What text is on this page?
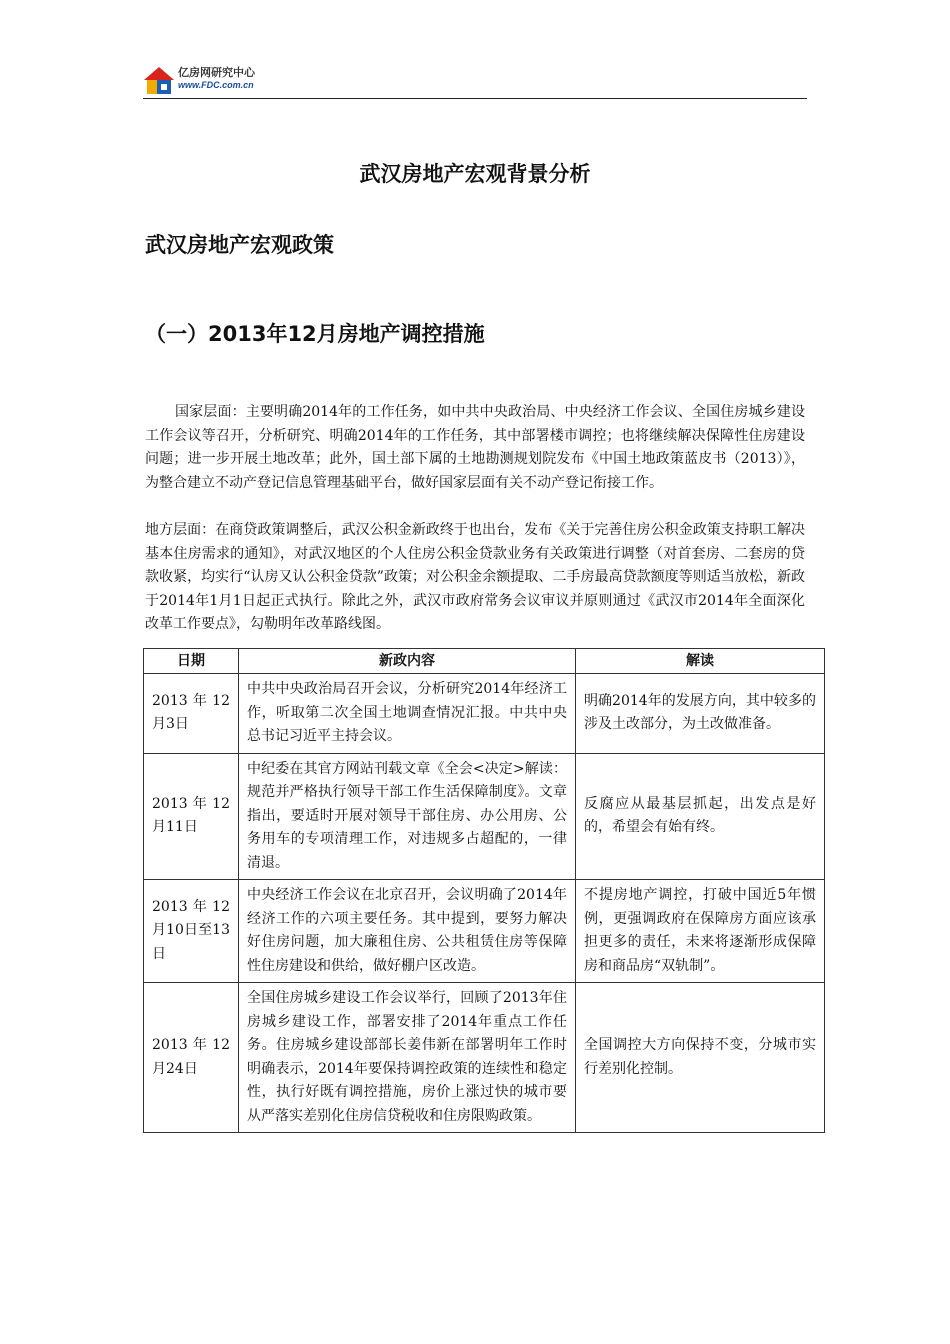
亿房网研究中心
www.FDC.com.cn
武汉房地产宏观背景分析
武汉房地产宏观政策
（一）2013年12月房地产调控措施

国家层面：主要明确2014年的工作任务，如中共中央政治局、中央经济工作会议、全国住房城乡建设工作会议等召开，分析研究、明确2014年的工作任务，其中部署楼市调控；也将继续解决保障性住房建设问题；进一步开展土地改革；此外，国土部下属的土地勘测规划院发布《中国土地政策蓝皮书（2013）》，为整合建立不动产登记信息管理基础平台，做好国家层面有关不动产登记衔接工作。

地方层面：在商贷政策调整后，武汉公积金新政终于也出台，发布《关于完善住房公积金政策支持职工解决基本住房需求的通知》，对武汉地区的个人住房公积金贷款业务有关政策进行调整（对首套房、二套房的贷款收紧，均实行“认房又认公积金贷款”政策；对公积金余额提取、二手房最高贷款额度等则适当放松，新政于2014年1月1日起正式执行。除此之外，武汉市政府常务会议审议并原则通过《武汉市2014年全面深化改革工作要点》，勾勒明年改革路线图。

日期	新政内容	解读
2013年12月3日	中共中央政治局召开会议，分析研究2014年经济工作，听取第二次全国土地调查情况汇报。中共中央总书记习近平主持会议。	明确2014年的发展方向，其中较多的涉及土改部分，为土改做准备。
2013年12月11日	中纪委在其官方网站刊载文章《全会<决定>解读：规范并严格执行领导干部工作生活保障制度》。文章指出，要适时开展对领导干部住房、办公用房、公务用车的专项清理工作，对违规多占超配的，一律清退。	反腐应从最基层抓起，出发点是好的，希望会有始有终。
2013年12月10日至13日	中央经济工作会议在北京召开，会议明确了2014年经济工作的六项主要任务。其中提到，要努力解决好住房问题，加大廉租住房、公共租赁住房等保障性住房建设和供给，做好棚户区改造。	不提房地产调控，打破中国近5年惯例，更强调政府在保障房方面应该承担更多的责任，未来将逐渐形成保障房和商品房“双轨制”。
2013年12月24日	全国住房城乡建设工作会议举行，回顾了2013年住房城乡建设工作，部署安排了2014年重点工作任务。住房城乡建设部部长姜伟新在部署明年工作时明确表示，2014年要保持调控政策的连续性和稳定性，执行好既有调控措施，房价上涨过快的城市要从严落实差别化住房信贷税收和住房限购政策。	全国调控大方向保持不变，分城市实行差别化控制。
